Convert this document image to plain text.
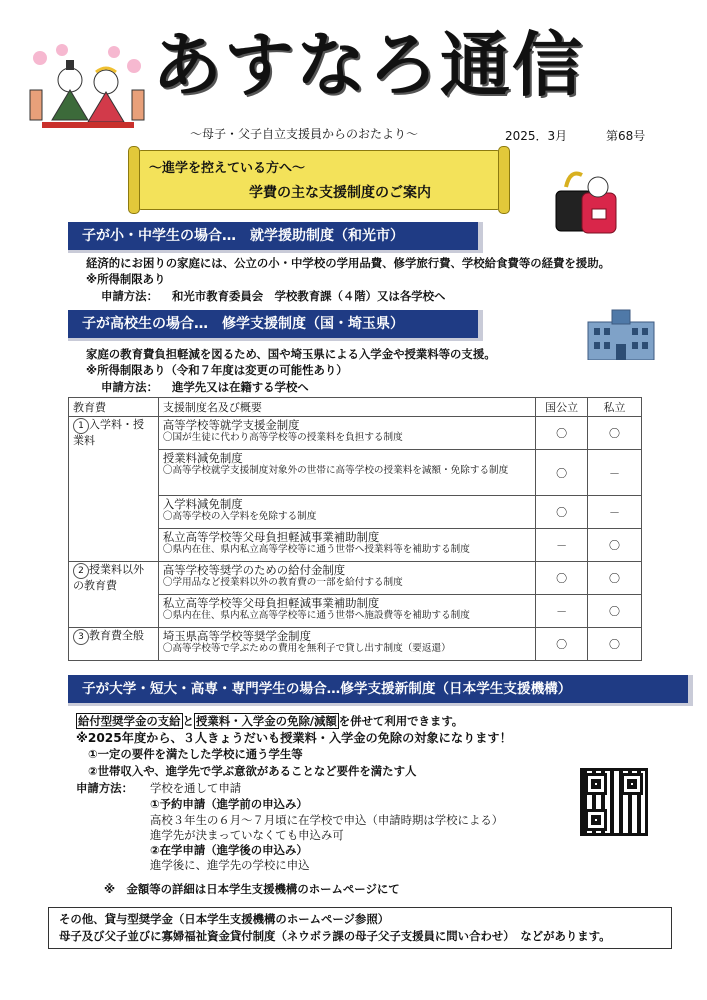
あすなろ通信
～母子・父子自立支援員からのおたより～	2025．3月	第68号
～進学を控えている方へ～
学費の主な支援制度のご案内
子が小・中学生の場合…　就学援助制度（和光市）
経済的にお困りの家庭には、公立の小・中学校の学用品費、修学旅行費、学校給食費等の経費を援助。
※所得制限あり
申請方法： 和光市教育委員会　学校教育課（４階）又は各学校へ
子が高校生の場合…　修学支援制度（国・埼玉県）
家庭の教育費負担軽減を図るため、国や埼玉県による入学金や授業料等の支援。
※所得制限あり（令和７年度は変更の可能性あり）
申請方法： 進学先又は在籍する学校へ
教育費	支援制度名及び概要	国公立	私立
1 入学料・授業料	高等学校等就学支援金制度
〇国が生徒に代わり高等学校等の授業料を負担する制度	〇	〇

	授業料減免制度
〇高等学校就学支援制度対象外の世帯に高等学校の授業料を減額・免除する制度	〇	－

	入学料減免制度
〇高等学校の入学料を免除する制度	〇	－

	私立高等学校等父母負担軽減事業補助制度
〇県内在住、県内私立高等学校等に通う世帯へ授業料等を補助する制度	－	〇
2 授業料以外の教育費	高等学校等奨学のための給付金制度
〇学用品など授業料以外の教育費の一部を給付する制度	〇	〇

	私立高等学校等父母負担軽減事業補助制度
〇県内在住、県内私立高等学校等に通う世帯へ施設費等を補助する制度	－	〇
3 教育費全般	埼玉県高等学校等奨学金制度
〇高等学校等で学ぶための費用を無利子で貸し出す制度（要返還）	〇	〇
子が大学・短大・高専・専門学生の場合…修学支援新制度（日本学生支援機構）
給付型奨学金の支給 と 授業料・入学金の免除/減額 を併せて利用できます。
※2025年度から、３人きょうだいも授業料・入学金の免除の対象になります！
①一定の要件を満たした学校に通う学生等
②世帯収入や、進学先で学ぶ意欲があることなど要件を満たす人
申請方法： 学校を通して申請
①予約申請（進学前の申込み）
高校３年生の６月～７月頃に在学校で申込（申請時期は学校による）
進学先が決まっていなくても申込み可
②在学申請（進学後の申込み）
進学後に、進学先の学校に申込
※　金額等の詳細は日本学生支援機構のホームページにて
その他、貸与型奨学金（日本学生支援機構のホームページ参照）
母子及び父子並びに寡婦福祉資金貸付制度（ネウボラ課の母子父子支援員に問い合わせ）　などがあります。
